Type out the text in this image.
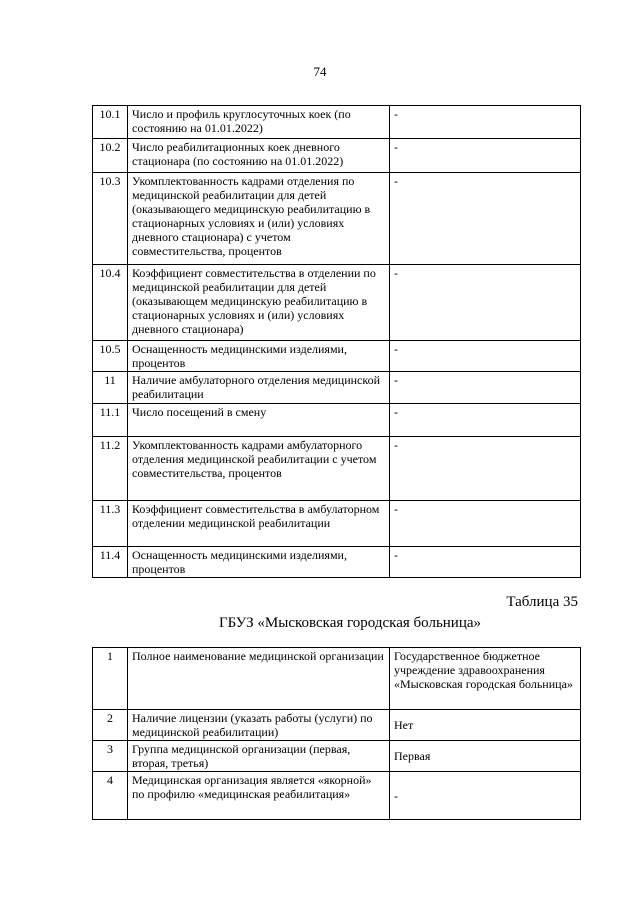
74
10.1	Число и профиль круглосуточных коек (по состоянию на 01.01.2022)	-
10.2	Число реабилитационных коек дневного стационара (по состоянию на 01.01.2022)	-
10.3	Укомплектованность кадрами отделения по медицинской реабилитации для детей (оказывающего медицинскую реабилитацию в стационарных условиях и (или) условиях дневного стационара) с учетом совместительства, процентов	-
10.4	Коэффициент совместительства в отделении по медицинской реабилитации для детей (оказывающем медицинскую реабилитацию в стационарных условиях и (или) условиях дневного стационара)	-
10.5	Оснащенность медицинскими изделиями, процентов	-
11	Наличие амбулаторного отделения медицинской реабилитации	-
11.1	Число посещений в смену	-
11.2	Укомплектованность кадрами амбулаторного отделения медицинской реабилитации с учетом совместительства, процентов	-
11.3	Коэффициент совместительства в амбулаторном отделении медицинской реабилитации	-
11.4	Оснащенность медицинскими изделиями, процентов	-
Таблица 35
ГБУЗ «Мысковская городская больница»
1	Полное наименование медицинской организации	Государственное бюджетное учреждение здравоохранения «Мысковская городская больница»
2	Наличие лицензии (указать работы (услуги) по медицинской реабилитации)	Нет
3	Группа медицинской организации (первая, вторая, третья)	Первая
4	Медицинская организация является «якорной» по профилю «медицинская реабилитация»	-
